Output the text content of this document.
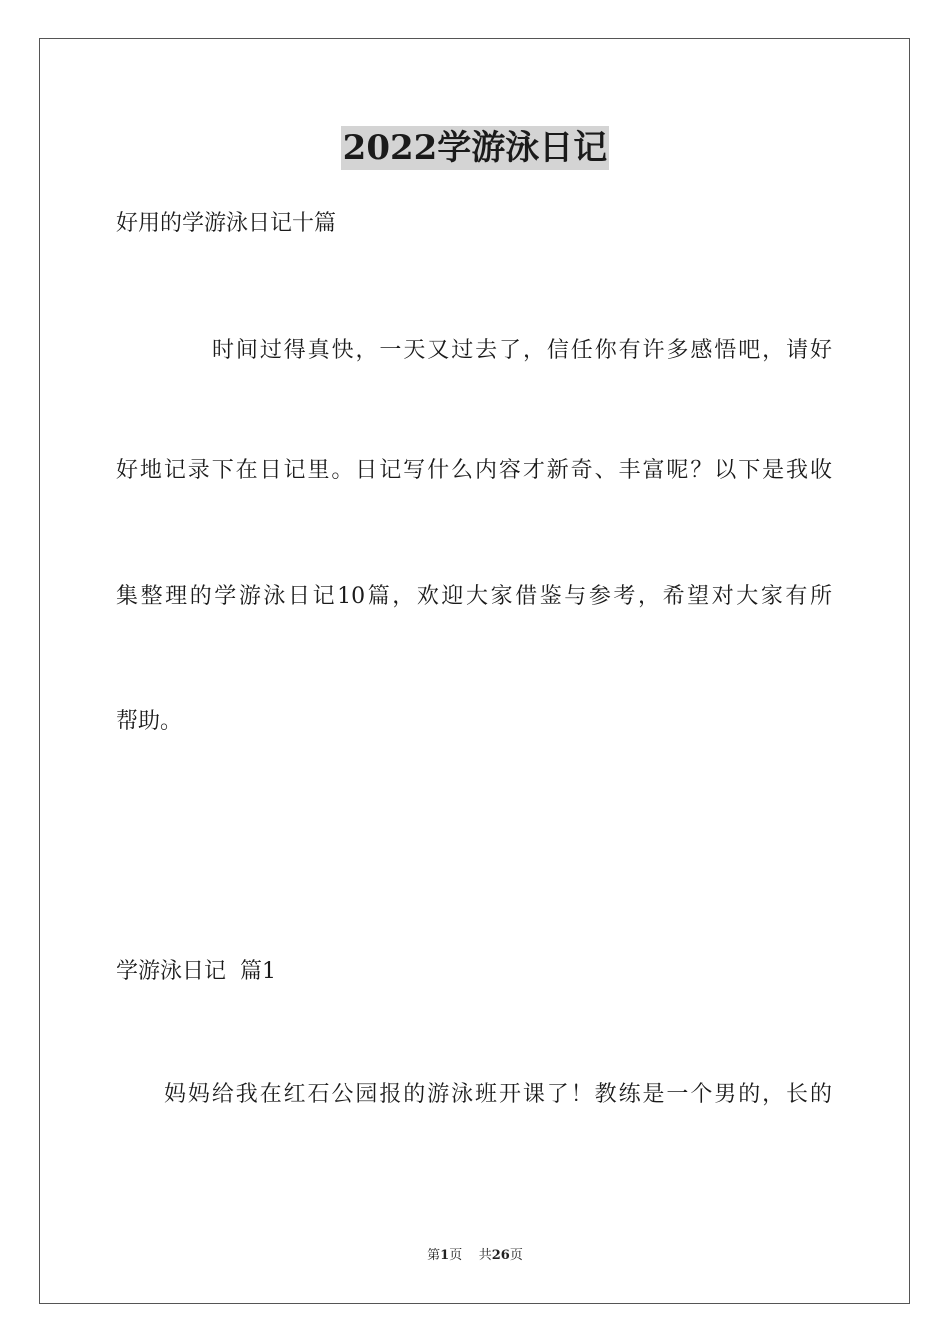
2022学游泳日记
好用的学游泳日记十篇
时间过得真快，一天又过去了，信任你有许多感悟吧，请好
好地记录下在日记里。日记写什么内容才新奇、丰富呢？以下是我收
集整理的学游泳日记10篇，欢迎大家借鉴与参考，希望对大家有所
帮助。
学游泳日记  篇1
妈妈给我在红石公园报的游泳班开课了！教练是一个男的，长的
第1页 共26页
